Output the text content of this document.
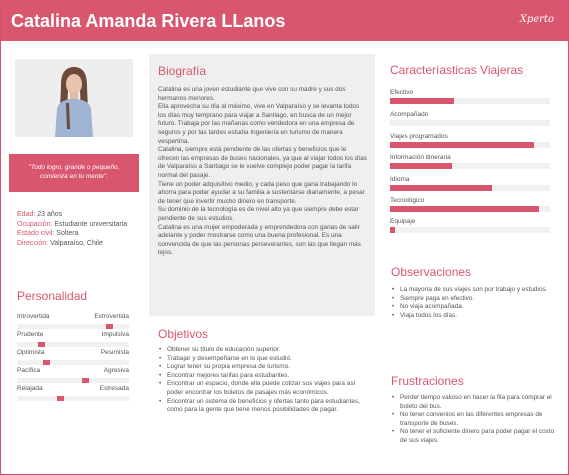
Catalina Amanda Rivera LLanos	Xperto
"Todo logro, grande o pequeño, comienza en tu mente".
Edad: 23 años
Ocupación: Estudiante universitaria
Estado civil: Soltera
Dirección: Valparaíso, Chile
Personalidad
Introvertida	Extrovertida
Prudente	Impulsiva
Optimista	Pesimista
Pacífica	Agresiva
Relajada	Estresada
Biografía
Catalina es una joven estudiante que vive con su madre y sus dos hermanos menores.
Ella aprovecha su día al máximo, vive en Valparaíso y se levanta todos los días muy temprano para viajar a Santiago, en busca de un mejor futuro. Trabaja por las mañanas como vendedora en una empresa de seguros y por las tardes estudia Ingeniería en turismo de manera vespertina.
Catalina, siempre está pendiente de las ofertas y beneficios que le ofrecen las empresas de buses nacionales, ya que al viajar todos los días de Valparaíso a Santiago se le vuelve complejo poder pagar la tarifa normal del pasaje.
Tiene un poder adquisitivo medio, y cada peso que gana trabajando lo ahorra para poder ayudar a su familia a sustentarse diariamente, a pesar de tener que invertir mucho dinero en transporte.
Su dominio de la tecnología es de nivel alto ya que siempre debe estar pendiente de sus estudios.
Catalina es una mujer empoderada y emprendedora con ganas de salir adelante y poder mostrarse como una buena profesional. Es una convencida de que las personas perseverantes, son las que llegan más lejos.
Objetivos
• Obtener su título de educación superior.
• Trabajar y desempeñarse en lo que estudió.
• Lograr tener su propia empresa de turismo.
• Encontrar mejores tarifas para estudiantes.
• Encontrar un espacio, donde ella puede cotizar sus viajes para así poder encontrar los boletos de pasajes más económicos.
• Encontrar un sistema de beneficios y ofertas tanto para estudiantes, como para la gente que tiene menos posibilidades de pagar.
Caracteríasticas Viajeras
Efectivo
Acompañado
Viajes programados
Información itineraria
Idioma
Tecnológico
Equipaje
Observaciones
• La mayoría de sus viajes son por trabajo y estudios.
• Siempre paga en efectivo.
• No viaja acompañada.
• Viaja todos los días.
Frustraciones
• Perder tiempo valioso en hacer la fila para comprar el boleto del bus.
• No tener convenios en las diferentes empresas de transporte de buses.
• No tener el suficiente dinero para poder pagar el costo de sus viajes.
